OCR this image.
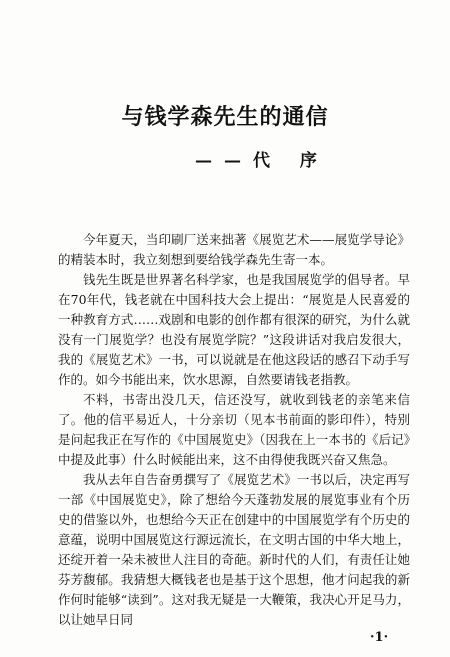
与钱学森先生的通信
——代 序

今年夏天，当印刷厂送来拙著《展览艺术——展览学导论》的精装本时，我立刻想到要给钱学森先生寄一本。

钱先生既是世界著名科学家，也是我国展览学的倡导者。早在70年代，钱老就在中国科技大会上提出：“展览是人民喜爱的一种教育方式……戏剧和电影的创作都有很深的研究，为什么就没有一门展览学？也没有展览学院？”这段讲话对我启发很大，我的《展览艺术》一书，可以说就是在他这段话的感召下动手写作的。如今书能出来，饮水思源，自然要请钱老指教。

不料，书寄出没几天，信还没写，就收到钱老的亲笔来信了。他的信平易近人，十分亲切（见本书前面的影印件），特别是问起我正在写作的《中国展览史》（因我在上一本书的《后记》中提及此事）什么时候能出来，这不由得使我既兴奋又焦急。

我从去年自告奋勇撰写了《展览艺术》一书以后，决定再写一部《中国展览史》，除了想给今天蓬勃发展的展览事业有个历史的借鉴以外，也想给今天正在创建中的中国展览学有个历史的意蕴，说明中国展览这行源远流长，在文明古国的中华大地上，还绽开着一朵未被世人注目的奇葩。新时代的人们，有责任让她芬芳馥郁。我猜想大概钱老也是基于这个思想，他才问起我的新作何时能够“读到”。这对我无疑是一大鞭策，我决心开足马力，以让她早日同

·1·
